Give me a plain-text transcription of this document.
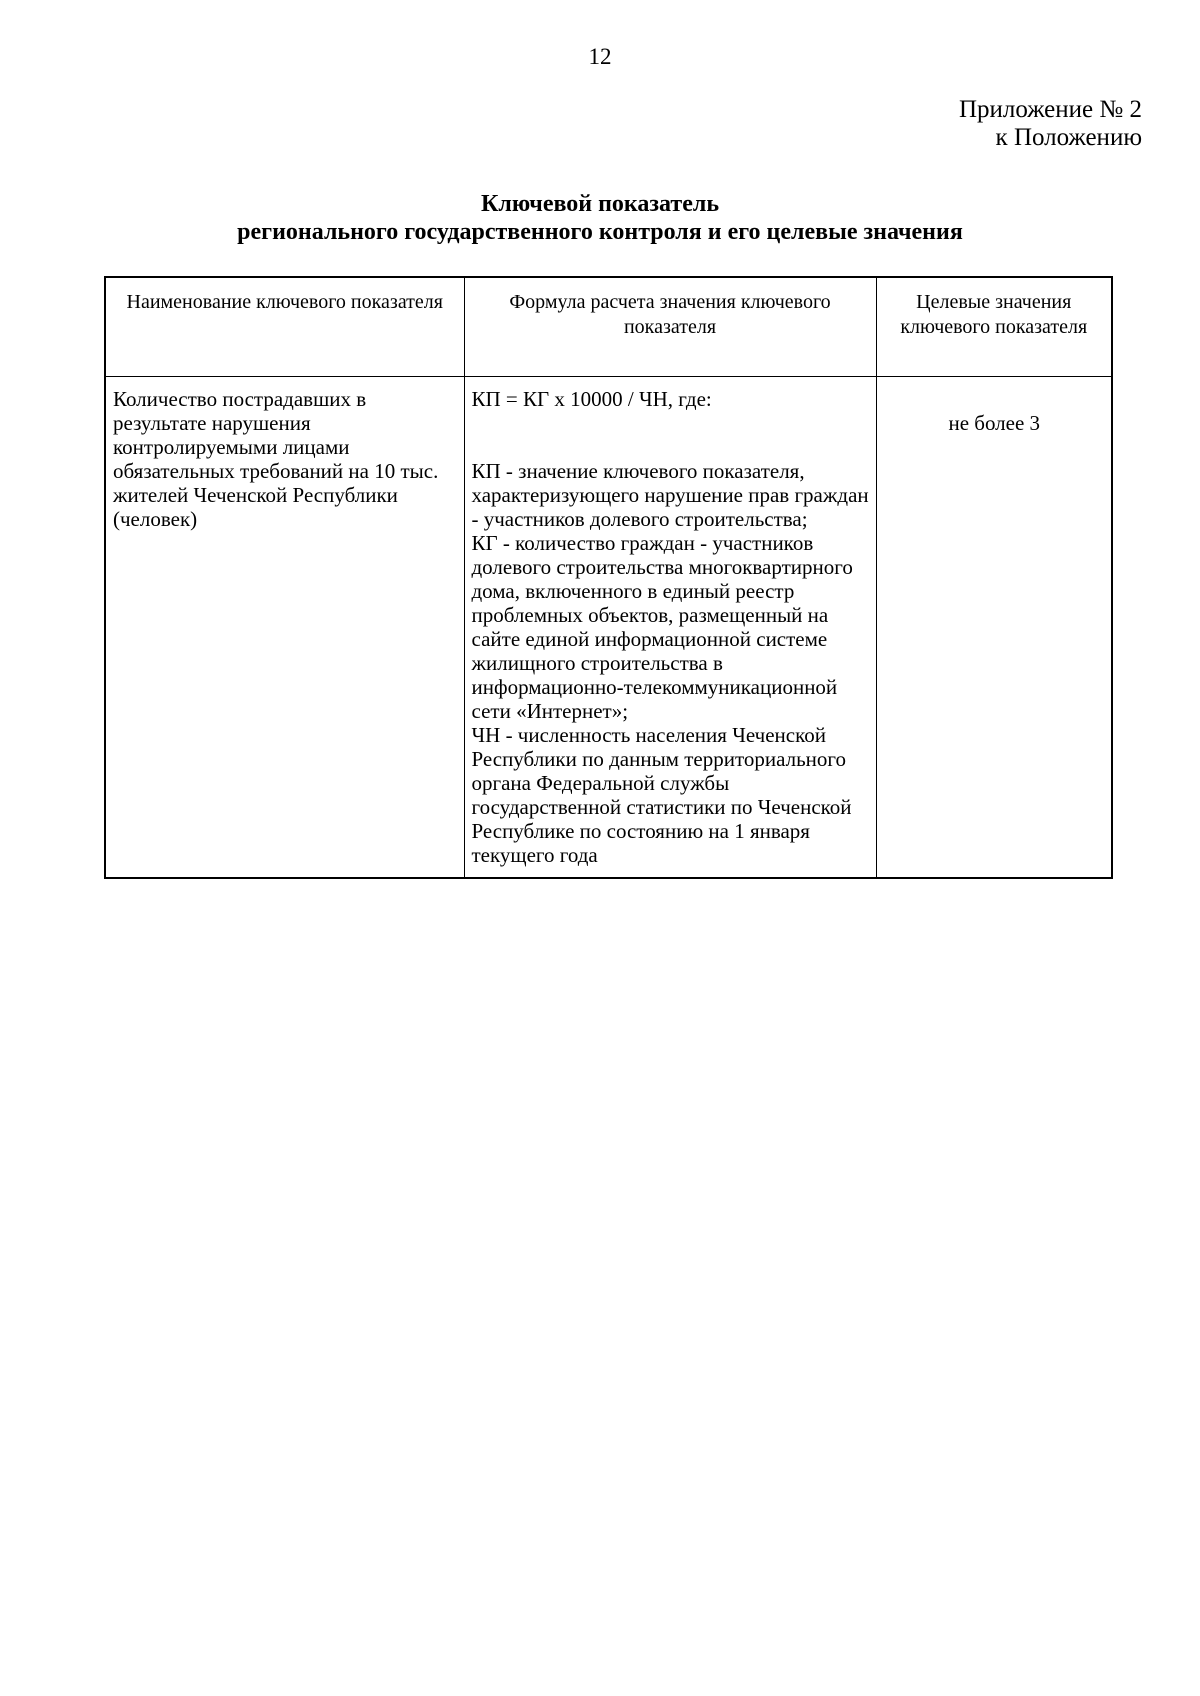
12
Приложение № 2
к Положению
Ключевой показатель
регионального государственного контроля и его целевые значения
Наименование ключевого показателя	Формула расчета значения ключевого показателя	Целевые значения ключевого показателя
Количество пострадавших в результате нарушения контролируемыми лицами обязательных требований на 10 тыс. жителей Чеченской Республики (человек)	КП = КГ х 10000 / ЧН, где:
КП - значение ключевого показателя, характеризующего нарушение прав граждан - участников долевого строительства;
КГ - количество граждан - участников долевого строительства многоквартирного дома, включенного в единый реестр проблемных объектов, размещенный на сайте единой информационной системе жилищного строительства в информационно-телекоммуникационной сети «Интернет»;
ЧН - численность населения Чеченской Республики по данным территориального органа Федеральной службы государственной статистики по Чеченской Республике по состоянию на 1 января текущего года	не более 3
